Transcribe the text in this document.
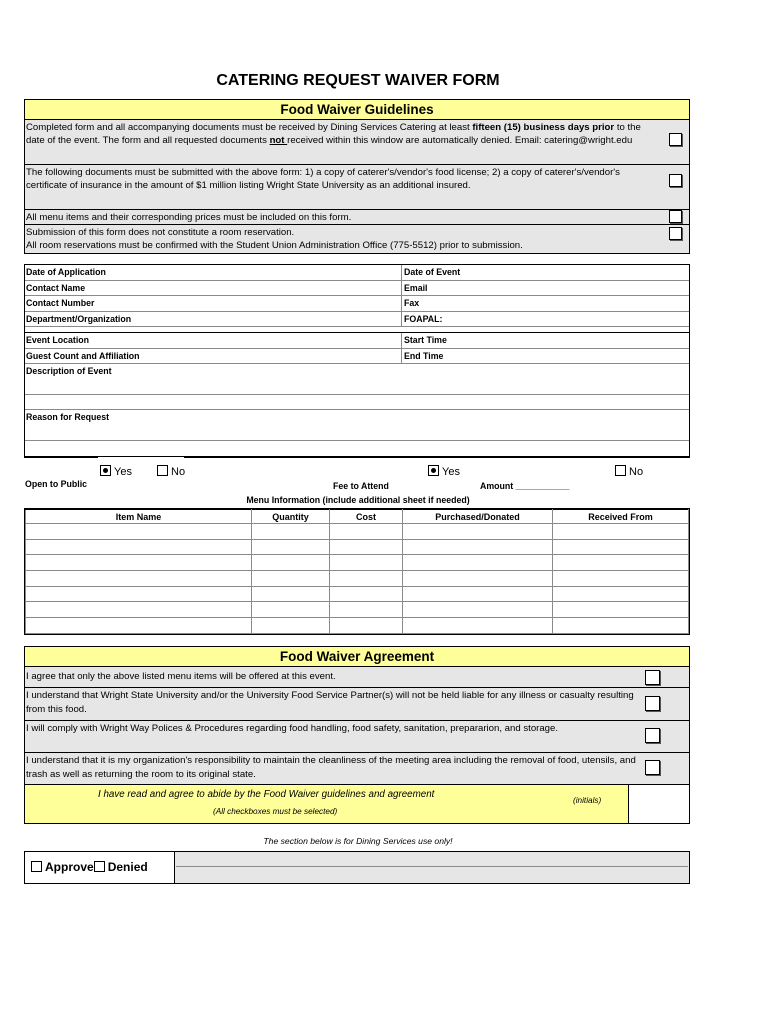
CATERING REQUEST WAIVER FORM
Food Waiver Guidelines
Completed form and all accompanying documents must be received by Dining Services Catering at least fifteen (15) business days prior to the date of the event. The form and all requested documents not received within this window are automatically denied. Email: catering@wright.edu
The following documents must be submitted with the above form: 1) a copy of caterer's/vendor's food license; 2) a copy of caterer's/vendor's certificate of insurance in the amount of $1 million listing Wright State University as an additional insured.
All menu items and their corresponding prices must be included on this form.
Submission of this form does not constitute a room reservation.
All room reservations must be confirmed with the Student Union Administration Office (775-5512) prior to submission.
Date of Application	Date of Event
Contact Name	Email
Contact Number	Fax
Department/Organization	FOAPAL:
Event Location	Start Time
Guest Count and Affiliation	End Time
Description of Event
Reason for Request
Yes	No
Open to Public	Fee to Attend
Yes	No
Amount ___________
Menu Information (include additional sheet if needed)
Item Name	Quantity	Cost	Purchased/Donated	Received From

Food Waiver Agreement
I agree that only the above listed menu items will be offered at this event.
I understand that Wright State University and/or the University Food Service Partner(s) will not be held liable for any illness or casualty resulting from this food.
I will comply with Wright Way Polices & Procedures regarding food handling, food safety, sanitation, prepararion, and storage.
I understand that it is my organization's responsibility to maintain the cleanliness of the meeting area including the removal of food, utensils, and trash as well as returning the room to its original state.
I have read and agree to abide by the Food Waiver guidelines and agreement
(All checkboxes must be selected)
(initials)
The section below is for Dining Services use only!
Approve Denied
